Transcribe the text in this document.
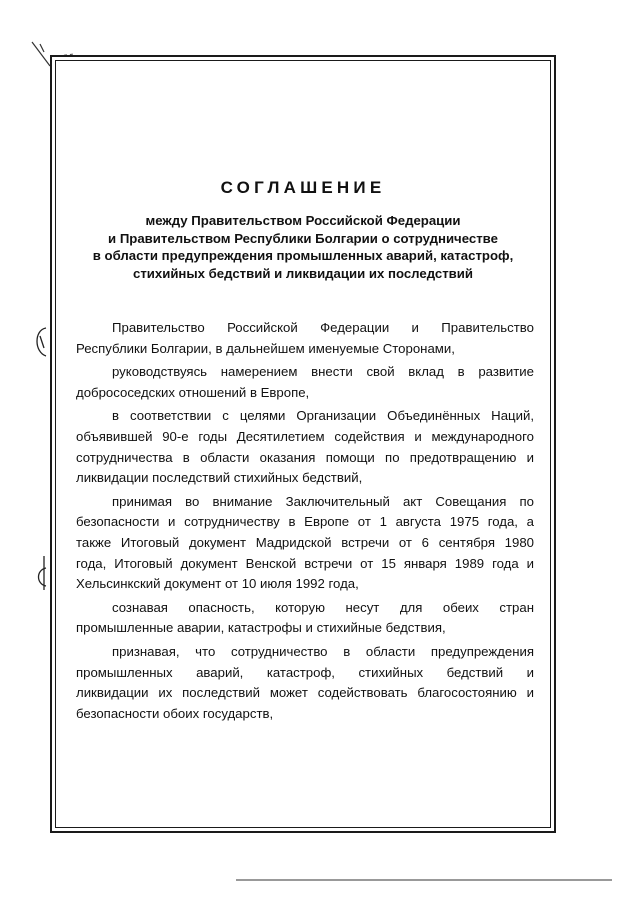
СОГЛАШЕНИЕ
между Правительством Российской Федерации
и Правительством Республики Болгарии о сотрудничестве
в области предупреждения промышленных аварий, катастроф,
стихийных бедствий и ликвидации их последствий

Правительство Российской Федерации и Правительство
Республики Болгарии, в дальнейшем именуемые Сторонами,

руководствуясь намерением внести свой вклад в развитие
добрососедских отношений в Европе,

в соответствии с целями Организации Объединённых Наций,
объявившей 90-е годы Десятилетием содействия и международного
сотрудничества в области оказания помощи по предотвращению и
ликвидации последствий стихийных бедствий,

принимая во внимание Заключительный акт Совещания по
безопасности и сотрудничеству в Европе от 1 августа 1975 года, а
также Итоговый документ Мадридской встречи от 6 сентября 1980
года, Итоговый документ Венской встречи от 15 января 1989 года и
Хельсинкский документ от 10 июля 1992 года,

сознавая опасность, которую несут для обеих стран
промышленные аварии, катастрофы и стихийные бедствия,

признавая, что сотрудничество в области предупреждения
промышленных аварий, катастроф, стихийных бедствий и
ликвидации их последствий может содействовать благосостоянию и
безопасности обоих государств,
